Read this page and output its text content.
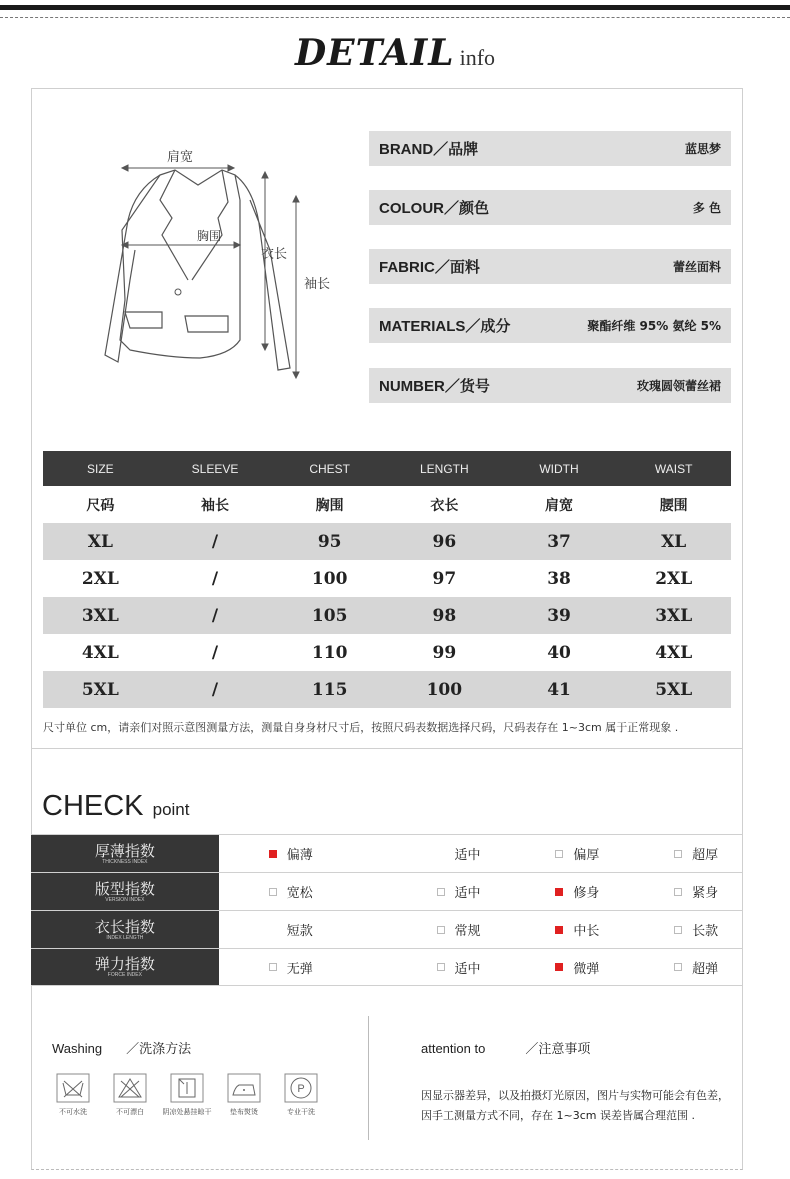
DETAIL info
肩宽
胸围
衣长
袖长
BRAND／品牌	蓝思梦
COLOUR／颜色	多 色
FABRIC／面料	蕾丝面料
MATERIALS／成分	聚酯纤维 95% 氨纶 5%
NUMBER／货号	玫瑰圆领蕾丝裙
SIZE	SLEEVE	CHEST	LENGTH	WIDTH	WAIST
尺码	袖长	胸围	衣长	肩宽	腰围
XL	/	95	96	37	XL
2XL	/	100	97	38	2XL
3XL	/	105	98	39	3XL
4XL	/	110	99	40	4XL
5XL	/	115	100	41	5XL
尺寸单位 cm，请亲们对照示意图测量方法，测量自身身材尺寸后，按照尺码表数据选择尺码，尺码表存在 1~3cm 属于正常现象 .
CHECK point
厚薄指数
THICKNESS INDEX	偏薄	适中	偏厚	超厚
版型指数
VERSION INDEX	宽松	适中	修身	紧身
衣长指数
INDEX LENGTH	短款	常规	中长	长款
弹力指数
FORCE INDEX	无弹	适中	微弹	超弹
Washing ／洗涤方法
不可水洗	不可漂白	阴凉处悬挂晾干	垫布熨烫
P
专业干洗
attention to	／注意事项
因显示器差异，以及拍摄灯光原因，图片与实物可能会有色差，
因手工测量方式不同，存在 1~3cm 误差皆属合理范围 .
